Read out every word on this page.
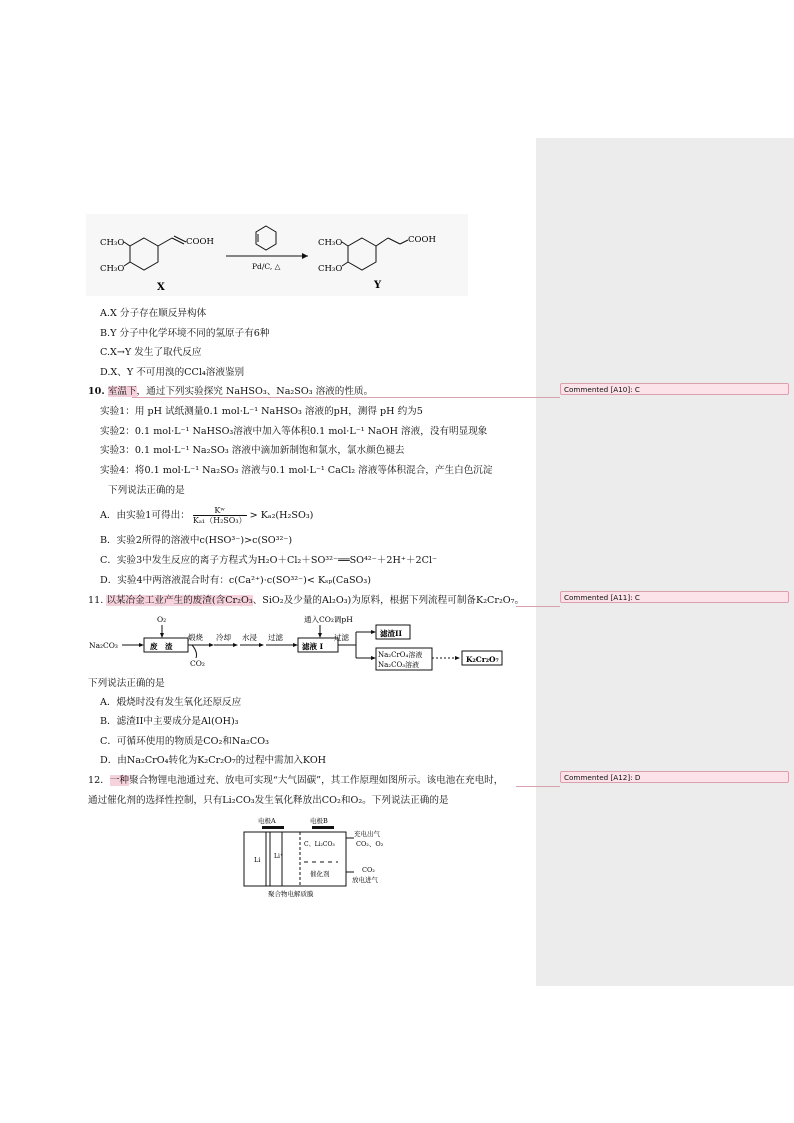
CH₃O
CH₃O
COOH
X
Pd/C, △
CH₃O
CH₃O
COOH
Y
A.X 分子存在顺反异构体
B.Y 分子中化学环境不同的氢原子有6种
C.X→Y 发生了取代反应
D.X、Y 不可用溴的CCl₄溶液鉴别
10. 室温下，通过下列实验探究 NaHSO₃、Na₂SO₃ 溶液的性质。
实验1：用 pH 试纸测量0.1 mol·L⁻¹ NaHSO₃ 溶液的pH，测得 pH 约为5
实验2：0.1 mol·L⁻¹ NaHSO₃溶液中加入等体积0.1 mol·L⁻¹ NaOH 溶液，没有明显现象
实验3：0.1 mol·L⁻¹ Na₂SO₃ 溶液中滴加新制饱和氯水，氯水颜色褪去
实验4：将0.1 mol·L⁻¹ Na₂SO₃ 溶液与0.1 mol·L⁻¹ CaCl₂ 溶液等体积混合，产生白色沉淀
下列说法正确的是
A．由实验1可得出： $\frac{\text{Kʷ}}{\text{Kₐ₁（H₂SO₃）}} > K_{a2}(H_2SO_3)$
B．实验2所得的溶液中c(HSO³⁻)>c(SO³²⁻)
C．实验3中发生反应的离子方程式为H₂O＋Cl₂＋SO³²⁻══SO⁴²⁻＋2H⁺＋2Cl⁻
D．实验4中两溶液混合时有：c(Ca²⁺)·c(SO³²⁻)< Kₛₚ(CaSO₃)
11. 以某冶金工业产生的废渣(含Cr₂O₃、SiO₂及少量的Al₂O₃)为原料，根据下列流程可制备K₂Cr₂O₇。
Na₂CO₃
O₂
废　渣
煅烧
CO₂
冷却 水浸 过滤
滤液 I
通入CO₂调pH
过滤	滤渣II
Na₂CrO₄溶液
Na₂CO₃溶液
K₂Cr₂O₇
下列说法正确的是
A．煅烧时没有发生氧化还原反应
B．滤渣II中主要成分是Al(OH)₃
C．可循环使用的物质是CO₂和Na₂CO₃
D．由Na₂CrO₄转化为K₂Cr₂O₇的过程中需加入KOH
12．一种聚合物锂电池通过充、放电可实现“大气固碳”，其工作原理如图所示。该电池在充电时，
通过催化剂的选择性控制，只有Li₂CO₃发生氧化释放出CO₂和O₂。下列说法正确的是
电极A	电极B
Li Li⁺
C、Li₂CO₃
催化剂
充电出气
CO₂、O₂
CO₂
放电进气
聚合物电解质膜
Commented [A10]: C
Commented [A11]: C
Commented [A12]: D
